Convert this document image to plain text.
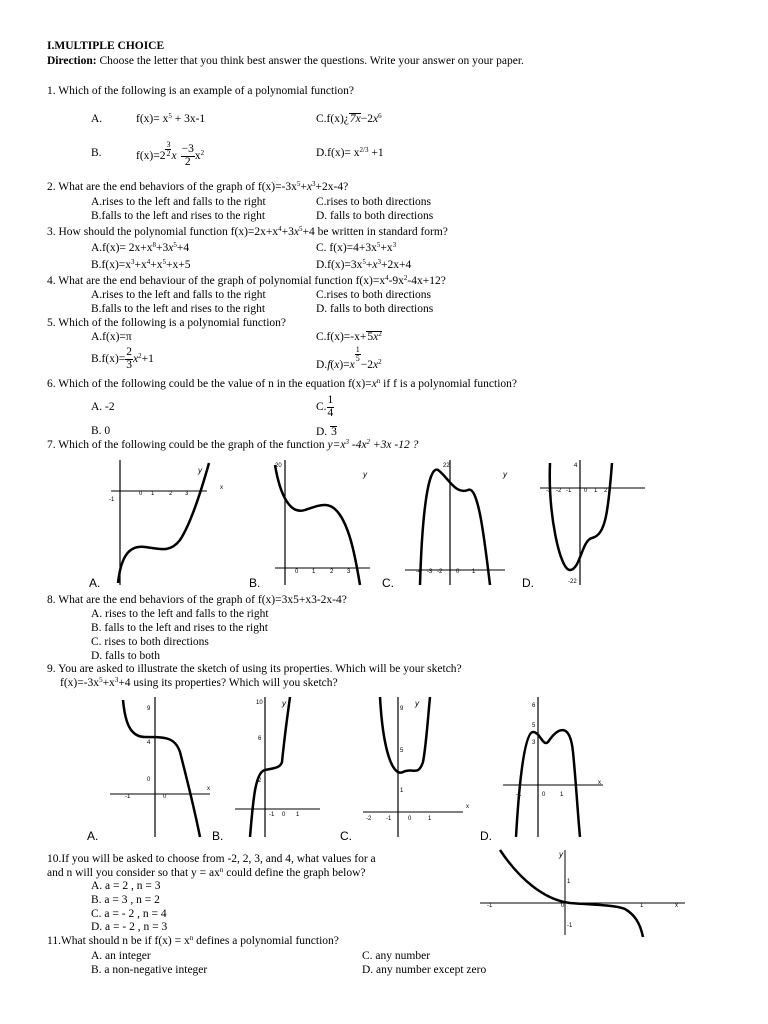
I.MULTIPLE CHOICE
Direction: Choose the letter that you think best answer the questions. Write your answer on your paper.
1. Which of the following is an example of a polynomial function?
A.	$f(x)= x^5 + 3x-1$	$C.f(x)¿7x-2x^6$
B.	$f(x)=2 \frac{3}{2}$ x $\frac{-3}{2} x^2$	$D.f(x)= x^{2/3} +1$
2. What are the end behaviors of the graph of $f(x)=-3x^5+x^3+2x-4$?
A.rises to the left and falls to the right	C.rises to both directions
B.falls to the left and rises to the right	D. falls to both directions
3. How should the polynomial function $f(x)=2x+x^4+3x^5+4$ be written in standard form?
$A.f(x)= 2x+x^8+3x^5+4$	C. $f(x)=4+3x^5+x^3$
$B.f(x)=x^3+x^4+x^5+x+5$	$D.f(x)=3x^5+x^3+2x+4$
4. What are the end behaviour of the graph of polynomial function $f(x)=x^4-9x^2-4x+12$?
A.rises to the left and falls to the right	C.rises to both directions
B.falls to the left and rises to the right	D. falls to both directions
5. Which of the following is a polynomial function?
A.f(x)=π	$C.f(x)=-x+5x^2$
$B.f(x)= \frac{2}{3} x^2+1$	D.f(x)=x
$\frac{1}{5}$
$-2x^2$
6. Which of the following could be the value of n in the equation $f(x)=x^n$ if f is a polynomial function?
A. -2	C. $\frac{1}{4}$
B. 0	D. 3
7. Which of the following could be the graph of the function $y=x^3$ $-4x^2 +3x$ -12 ?
x
y
-1
0 1 2 3
A.
y
20
0 1 2 3
B.
y
22
-4 -3 -2 0 1
C.
4
-3 -2 -1 0 1 2
-22
D.
8. What are the end behaviors of the graph of f(x)=3x5+x3-2x-4?
A. rises to the left and falls to the right
B. falls to the left and rises to the right
C. rises to both directions
D. falls to both
9. You are asked to illustrate the sketch of using its properties. Which will be your sketch?
$f(x)=-3x^5+x^3+4$ using its properties? Which will you sketch?
9
4
0
-1	0
x
A.
10 y
6
2
-1 0 1
B.
y
9
5
1
-2 -1	0	1
x
C.
6
5
3
-1	0 1
x
D.
10.If you will be asked to choose from -2, 2, 3, and 4, what values for a
and n will you consider so that $y = ax^n$ could define the graph below?
A. a = 2 , n = 3
B. a = 3 , n = 2
C. a = - 2 , n = 4
D. a = - 2 , n = 3
y
1
-1
-1	0	1	x
11.What should n be if $f(x) = x^n$ defines a polynomial function?
A. an integer	C. any number
B. a non-negative integer	D. any number except zero
